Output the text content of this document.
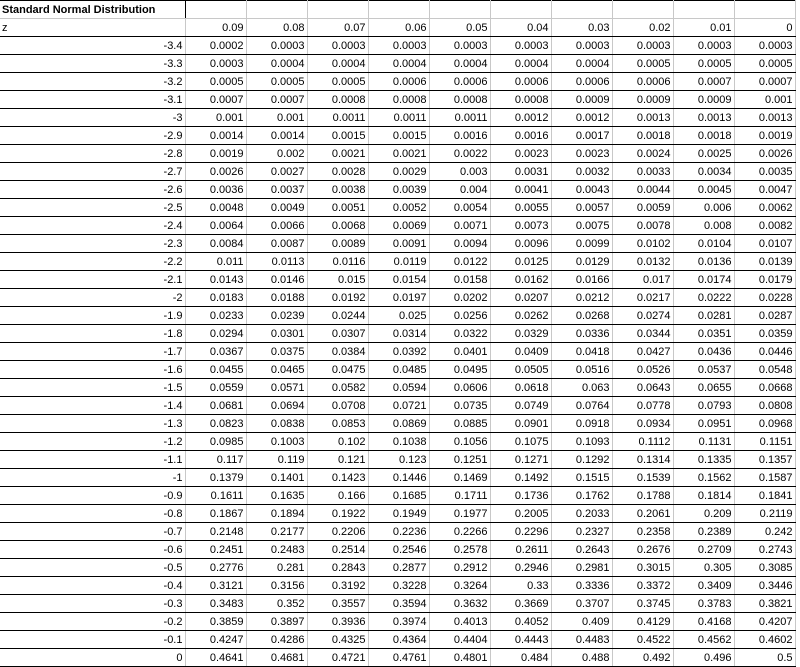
Standard Normal Distribution										
z	0.09	0.08	0.07	0.06	0.05	0.04	0.03	0.02	0.01	0
-3.4	0.0002	0.0003	0.0003	0.0003	0.0003	0.0003	0.0003	0.0003	0.0003	0.0003
-3.3	0.0003	0.0004	0.0004	0.0004	0.0004	0.0004	0.0004	0.0005	0.0005	0.0005
-3.2	0.0005	0.0005	0.0005	0.0006	0.0006	0.0006	0.0006	0.0006	0.0007	0.0007
-3.1	0.0007	0.0007	0.0008	0.0008	0.0008	0.0008	0.0009	0.0009	0.0009	0.001
-3	0.001	0.001	0.0011	0.0011	0.0011	0.0012	0.0012	0.0013	0.0013	0.0013
-2.9	0.0014	0.0014	0.0015	0.0015	0.0016	0.0016	0.0017	0.0018	0.0018	0.0019
-2.8	0.0019	0.002	0.0021	0.0021	0.0022	0.0023	0.0023	0.0024	0.0025	0.0026
-2.7	0.0026	0.0027	0.0028	0.0029	0.003	0.0031	0.0032	0.0033	0.0034	0.0035
-2.6	0.0036	0.0037	0.0038	0.0039	0.004	0.0041	0.0043	0.0044	0.0045	0.0047
-2.5	0.0048	0.0049	0.0051	0.0052	0.0054	0.0055	0.0057	0.0059	0.006	0.0062
-2.4	0.0064	0.0066	0.0068	0.0069	0.0071	0.0073	0.0075	0.0078	0.008	0.0082
-2.3	0.0084	0.0087	0.0089	0.0091	0.0094	0.0096	0.0099	0.0102	0.0104	0.0107
-2.2	0.011	0.0113	0.0116	0.0119	0.0122	0.0125	0.0129	0.0132	0.0136	0.0139
-2.1	0.0143	0.0146	0.015	0.0154	0.0158	0.0162	0.0166	0.017	0.0174	0.0179
-2	0.0183	0.0188	0.0192	0.0197	0.0202	0.0207	0.0212	0.0217	0.0222	0.0228
-1.9	0.0233	0.0239	0.0244	0.025	0.0256	0.0262	0.0268	0.0274	0.0281	0.0287
-1.8	0.0294	0.0301	0.0307	0.0314	0.0322	0.0329	0.0336	0.0344	0.0351	0.0359
-1.7	0.0367	0.0375	0.0384	0.0392	0.0401	0.0409	0.0418	0.0427	0.0436	0.0446
-1.6	0.0455	0.0465	0.0475	0.0485	0.0495	0.0505	0.0516	0.0526	0.0537	0.0548
-1.5	0.0559	0.0571	0.0582	0.0594	0.0606	0.0618	0.063	0.0643	0.0655	0.0668
-1.4	0.0681	0.0694	0.0708	0.0721	0.0735	0.0749	0.0764	0.0778	0.0793	0.0808
-1.3	0.0823	0.0838	0.0853	0.0869	0.0885	0.0901	0.0918	0.0934	0.0951	0.0968
-1.2	0.0985	0.1003	0.102	0.1038	0.1056	0.1075	0.1093	0.1112	0.1131	0.1151
-1.1	0.117	0.119	0.121	0.123	0.1251	0.1271	0.1292	0.1314	0.1335	0.1357
-1	0.1379	0.1401	0.1423	0.1446	0.1469	0.1492	0.1515	0.1539	0.1562	0.1587
-0.9	0.1611	0.1635	0.166	0.1685	0.1711	0.1736	0.1762	0.1788	0.1814	0.1841
-0.8	0.1867	0.1894	0.1922	0.1949	0.1977	0.2005	0.2033	0.2061	0.209	0.2119
-0.7	0.2148	0.2177	0.2206	0.2236	0.2266	0.2296	0.2327	0.2358	0.2389	0.242
-0.6	0.2451	0.2483	0.2514	0.2546	0.2578	0.2611	0.2643	0.2676	0.2709	0.2743
-0.5	0.2776	0.281	0.2843	0.2877	0.2912	0.2946	0.2981	0.3015	0.305	0.3085
-0.4	0.3121	0.3156	0.3192	0.3228	0.3264	0.33	0.3336	0.3372	0.3409	0.3446
-0.3	0.3483	0.352	0.3557	0.3594	0.3632	0.3669	0.3707	0.3745	0.3783	0.3821
-0.2	0.3859	0.3897	0.3936	0.3974	0.4013	0.4052	0.409	0.4129	0.4168	0.4207
-0.1	0.4247	0.4286	0.4325	0.4364	0.4404	0.4443	0.4483	0.4522	0.4562	0.4602
0	0.4641	0.4681	0.4721	0.4761	0.4801	0.484	0.488	0.492	0.496	0.5
